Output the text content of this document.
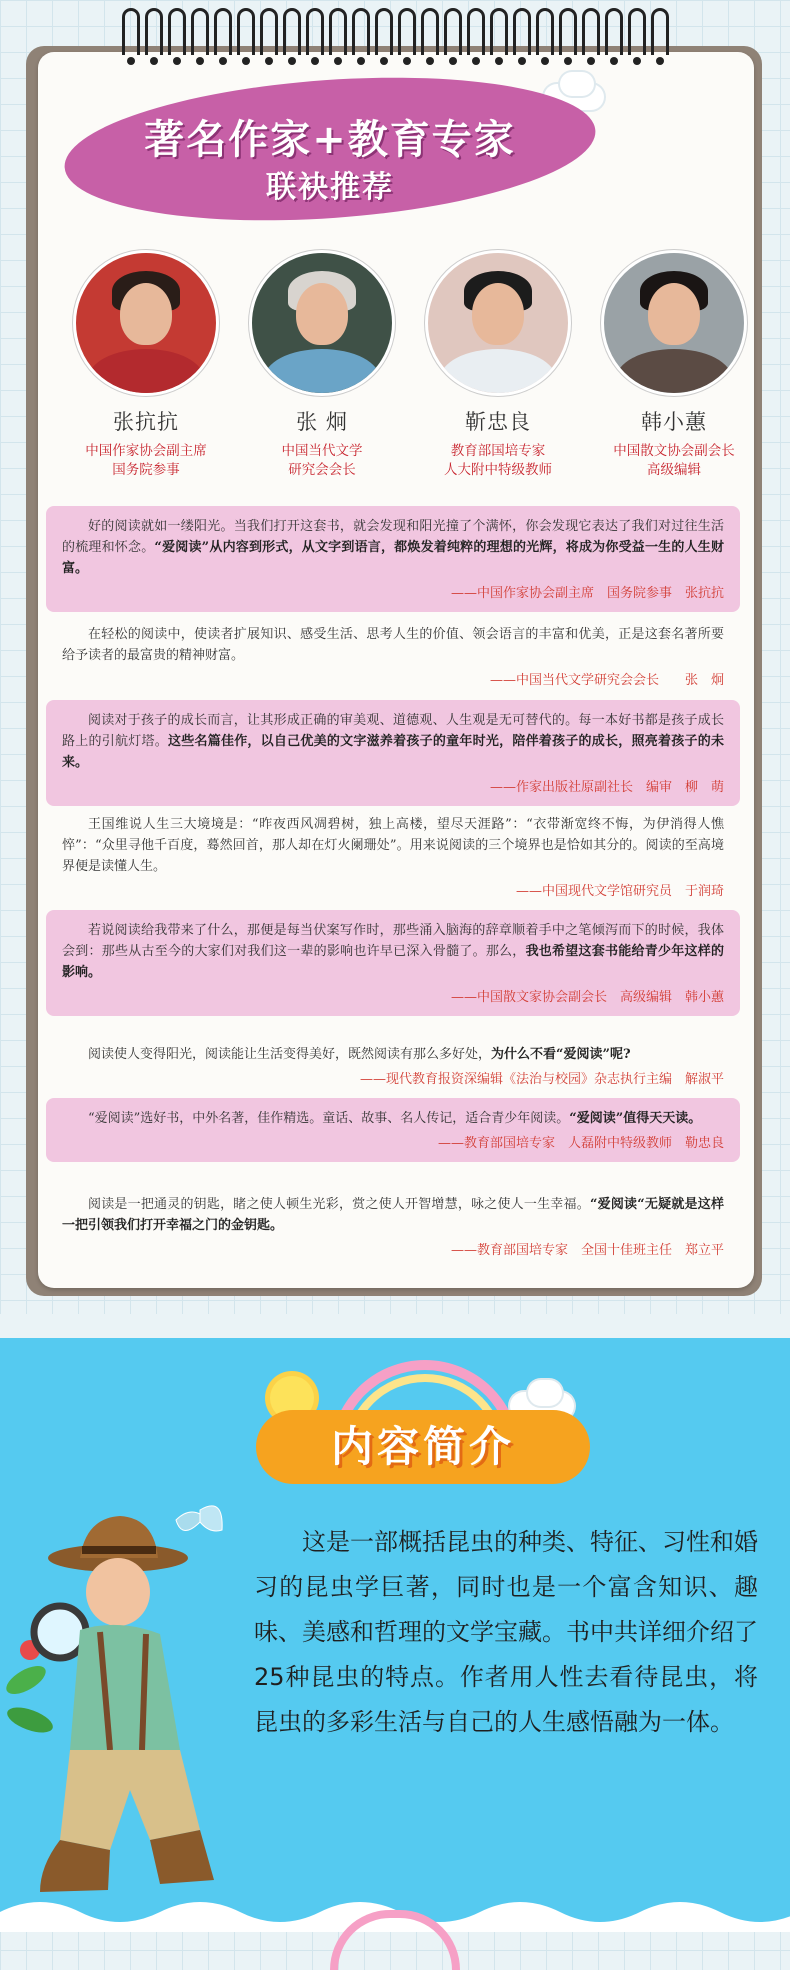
著名作家+教育专家
联袂推荐
张抗抗
中国作家协会副主席
国务院参事
张 炯
中国当代文学
研究会会长
靳忠良
教育部国培专家
人大附中特级教师
韩小蕙
中国散文协会副会长
高级编辑
好的阅读就如一缕阳光。当我们打开这套书，就会发现和阳光撞了个满怀，你会发现它表达了我们对过往生活的梳理和怀念。“爱阅读”从内容到形式，从文字到语言，都焕发着纯粹的理想的光辉，将成为你受益一生的人生财富。
——中国作家协会副主席　国务院参事　张抗抗
在轻松的阅读中，使读者扩展知识、感受生活、思考人生的价值、领会语言的丰富和优美，正是这套名著所要给予读者的最富贵的精神财富。
——中国当代文学研究会会长　　张　炯
阅读对于孩子的成长而言，让其形成正确的审美观、道德观、人生观是无可替代的。每一本好书都是孩子成长路上的引航灯塔。这些名篇佳作，以自己优美的文字滋养着孩子的童年时光，陪伴着孩子的成长，照亮着孩子的未来。
——作家出版社原副社长　编审　柳　萌
王国维说人生三大境境是：“昨夜西风凋碧树，独上高楼，望尽天涯路”：“衣带渐宽终不悔，为伊消得人憔悴”：“众里寻他千百度，蓦然回首，那人却在灯火阑珊处”。用来说阅读的三个境界也是恰如其分的。阅读的至高境界便是读懂人生。
——中国现代文学馆研究员　于润琦
若说阅读给我带来了什么，那便是每当伏案写作时，那些涌入脑海的辞章顺着手中之笔倾泻而下的时候，我体会到：那些从古至今的大家们对我们这一辈的影响也许早已深入骨髓了。那么，我也希望这套书能给青少年这样的影响。
——中国散文家协会副会长　高级编辑　韩小蕙
阅读使人变得阳光，阅读能让生活变得美好，既然阅读有那么多好处，为什么不看“爱阅读”呢?
——现代教育报资深编辑《法治与校园》杂志执行主编　解淑平
“爱阅读”选好书，中外名著，佳作精选。童话、故事、名人传记，适合青少年阅读。“爱阅读”值得天天读。
——教育部国培专家　人磊附中特级教师　勒忠良
阅读是一把通灵的钥匙，睹之使人顿生光彩，赏之使人开智增慧，咏之使人一生幸福。“爱阅读“无疑就是这样一把引领我们打开幸福之门的金钥匙。
——教育部国培专家　全国十佳班主任　郑立平
内容简介
这是一部概括昆虫的种类、特征、习性和婚习的昆虫学巨著，同时也是一个富含知识、趣味、美感和哲理的文学宝藏。书中共详细介绍了25种昆虫的特点。作者用人性去看待昆虫，将昆虫的多彩生活与自己的人生感悟融为一体。
